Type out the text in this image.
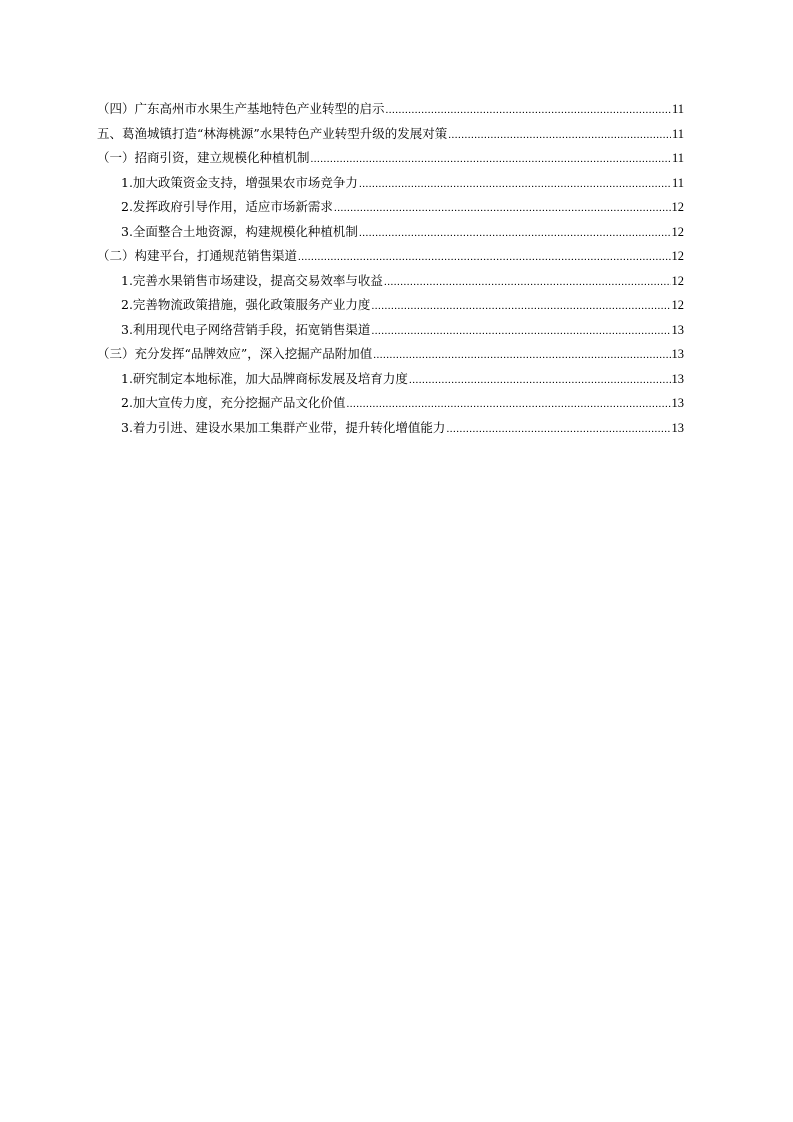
（四）广东高州市水果生产基地特色产业转型的启示 .....	11
五、葛渔城镇打造“林海桃源”水果特色产业转型升级的发展对策 .....	11
（一）招商引资，建立规模化种植机制 .....	11
1.加大政策资金支持，增强果农市场竞争力 .....	11
2.发挥政府引导作用，适应市场新需求 .....	12
3.全面整合土地资源，构建规模化种植机制 .....	12
（二）构建平台，打通规范销售渠道 .....	12
1.完善水果销售市场建设，提高交易效率与收益 .....	12
2.完善物流政策措施，强化政策服务产业力度 .....	12
3.利用现代电子网络营销手段，拓宽销售渠道 .....	13
（三）充分发挥“品牌效应”，深入挖掘产品附加值 .....	13
1.研究制定本地标准，加大品牌商标发展及培育力度 .....	13
2.加大宣传力度，充分挖掘产品文化价值 .....	13
3.着力引进、建设水果加工集群产业带，提升转化增值能力 .....	13
